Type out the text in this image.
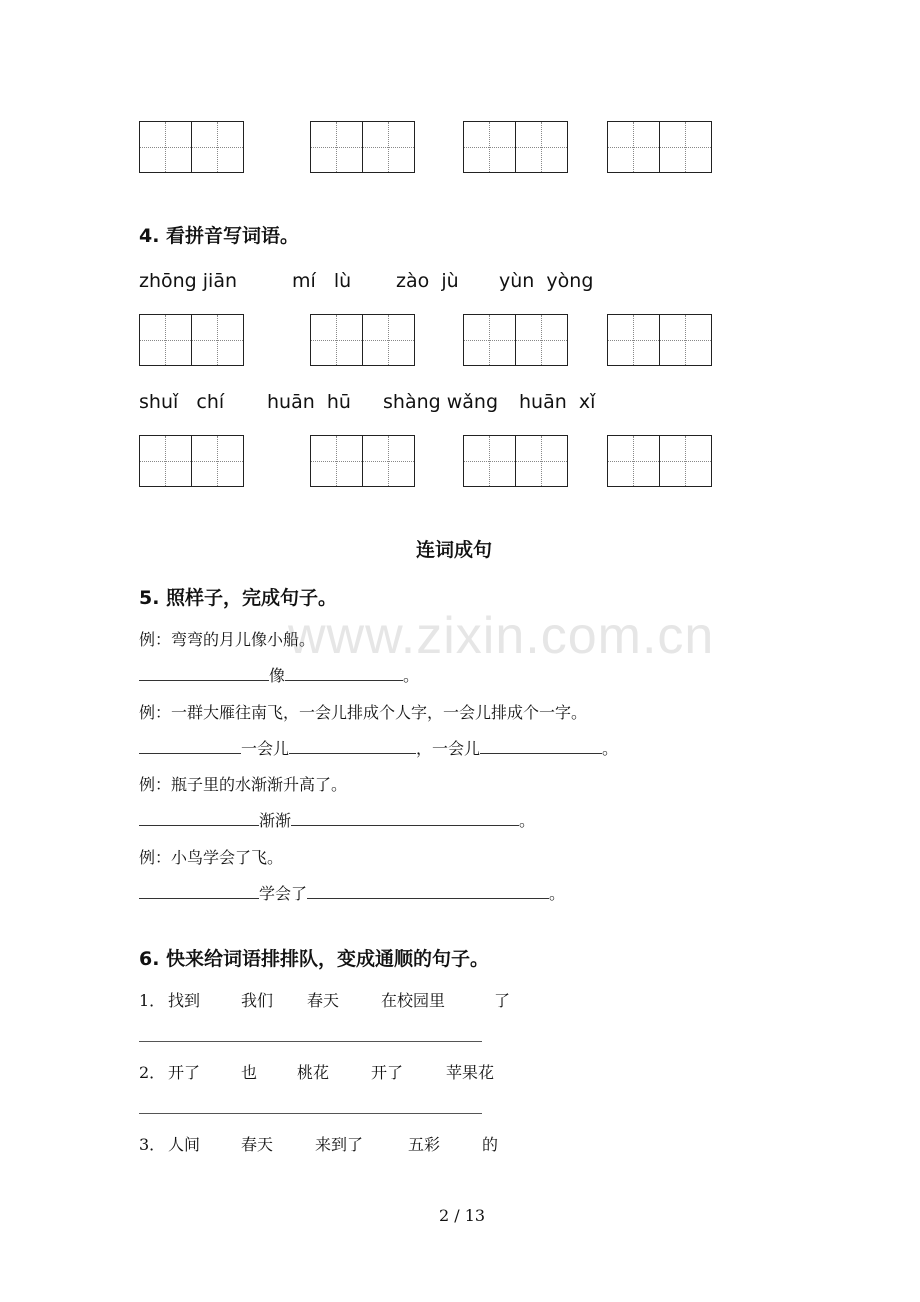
www.zixin.com.cn
4. 看拼音写词语。
zhōng jiān	mí   lù zào  jù yùn  yòng
shuǐ   chí huān  hū shàng wǎng huān  xǐ
连词成句
5. 照样子，完成句子。
例：弯弯的月儿像小船。
像	。
例：一群大雁往南飞，一会儿排成个人字，一会儿排成个一字。
一会儿	，一会儿	。
例：瓶子里的水渐渐升高了。
渐渐	。
例：小鸟学会了飞。
学会了	。
6. 快来给词语排排队，变成通顺的句子。
1． 找到	我们 春天	在校园里	了
2． 开了	也 桃花	开了	苹果花
3． 人间	春天	来到了	五彩	的
2 / 13
